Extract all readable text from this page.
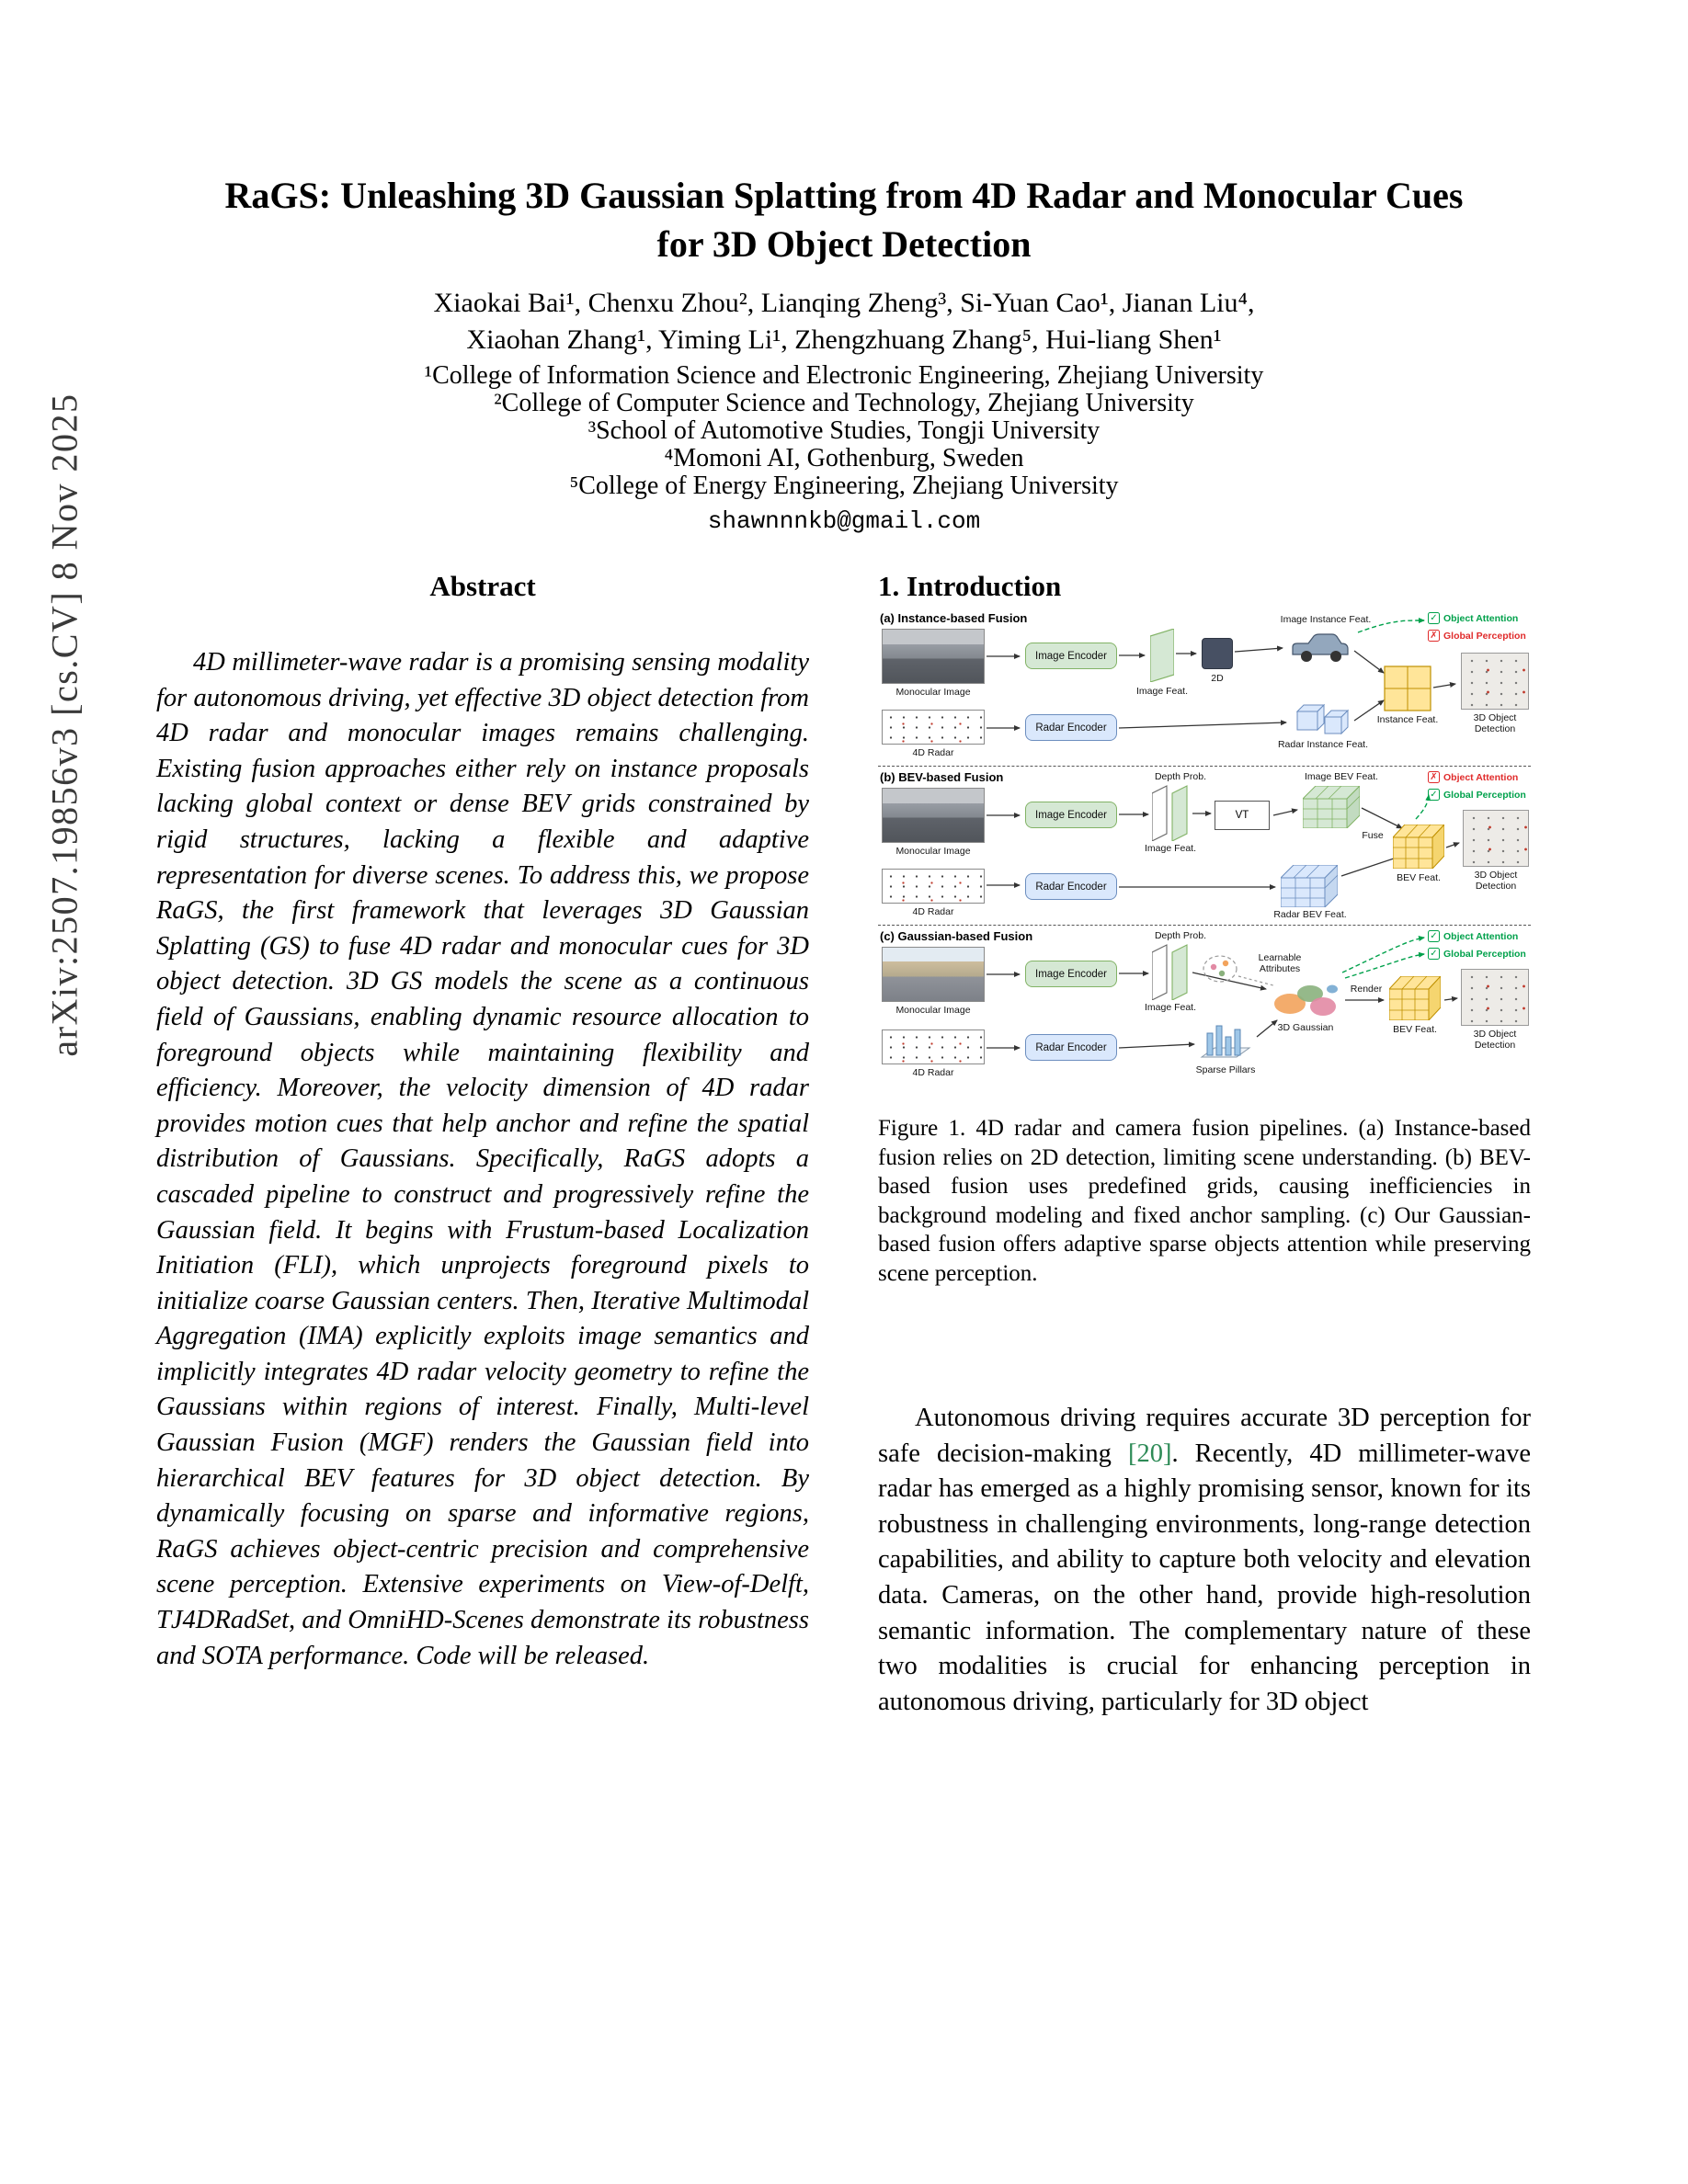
arXiv:2507.19856v3 [cs.CV] 8 Nov 2025
RaGS: Unleashing 3D Gaussian Splatting from 4D Radar and Monocular Cues
for 3D Object Detection
Xiaokai Bai¹, Chenxu Zhou², Lianqing Zheng³, Si-Yuan Cao¹, Jianan Liu⁴,
Xiaohan Zhang¹, Yiming Li¹, Zhengzhuang Zhang⁵, Hui-liang Shen¹
¹College of Information Science and Electronic Engineering, Zhejiang University
²College of Computer Science and Technology, Zhejiang University
³School of Automotive Studies, Tongji University
⁴Momoni AI, Gothenburg, Sweden
⁵College of Energy Engineering, Zhejiang University
shawnnnkb@gmail.com
Abstract
4D millimeter-wave radar is a promising sensing modality for autonomous driving, yet effective 3D object detection from 4D radar and monocular images remains challenging. Existing fusion approaches either rely on instance proposals lacking global context or dense BEV grids constrained by rigid structures, lacking a flexible and adaptive representation for diverse scenes. To address this, we propose RaGS, the first framework that leverages 3D Gaussian Splatting (GS) to fuse 4D radar and monocular cues for 3D object detection. 3D GS models the scene as a continuous field of Gaussians, enabling dynamic resource allocation to foreground objects while maintaining flexibility and efficiency. Moreover, the velocity dimension of 4D radar provides motion cues that help anchor and refine the spatial distribution of Gaussians. Specifically, RaGS adopts a cascaded pipeline to construct and progressively refine the Gaussian field. It begins with Frustum-based Localization Initiation (FLI), which unprojects foreground pixels to initialize coarse Gaussian centers. Then, Iterative Multimodal Aggregation (IMA) explicitly exploits image semantics and implicitly integrates 4D radar velocity geometry to refine the Gaussians within regions of interest. Finally, Multi-level Gaussian Fusion (MGF) renders the Gaussian field into hierarchical BEV features for 3D object detection. By dynamically focusing on sparse and informative regions, RaGS achieves object-centric precision and comprehensive scene perception. Extensive experiments on View-of-Delft, TJ4DRadSet, and OmniHD-Scenes demonstrate its robustness and SOTA performance. Code will be released.
1. Introduction
(a) Instance-based Fusion
Monocular Image
4D Radar
Image Encoder
Radar Encoder
Image Feat.
2D
Image Instance Feat.
Radar Instance Feat.
Instance Feat.	3D Object Detection
✓ Object Attention
✗ Global Perception
(b) BEV-based Fusion
Monocular Image
4D Radar
Image Encoder
Radar Encoder
Depth Prob.
Image Feat.
VT
Image BEV Feat.
Fuse
Radar BEV Feat.
BEV Feat.	3D Object Detection
✗ Object Attention
✓ Global Perception
(c) Gaussian-based Fusion
Monocular Image
4D Radar
Image Encoder
Radar Encoder
Depth Prob.
Image Feat.
Learnable Attributes
Sparse Pillars
3D Gaussian
Render
BEV Feat.	3D Object Detection
✓ Object Attention
✓ Global Perception
Figure 1. 4D radar and camera fusion pipelines. (a) Instance-based fusion relies on 2D detection, limiting scene understanding. (b) BEV-based fusion uses predefined grids, causing inefficiencies in background modeling and fixed anchor sampling. (c) Our Gaussian-based fusion offers adaptive sparse objects attention while preserving scene perception.

Autonomous driving requires accurate 3D perception for safe decision-making [20]. Recently, 4D millimeter-wave radar has emerged as a highly promising sensor, known for its robustness in challenging environments, long-range detection capabilities, and ability to capture both velocity and elevation data. Cameras, on the other hand, provide high-resolution semantic information. The complementary nature of these two modalities is crucial for enhancing perception in autonomous driving, particularly for 3D object
